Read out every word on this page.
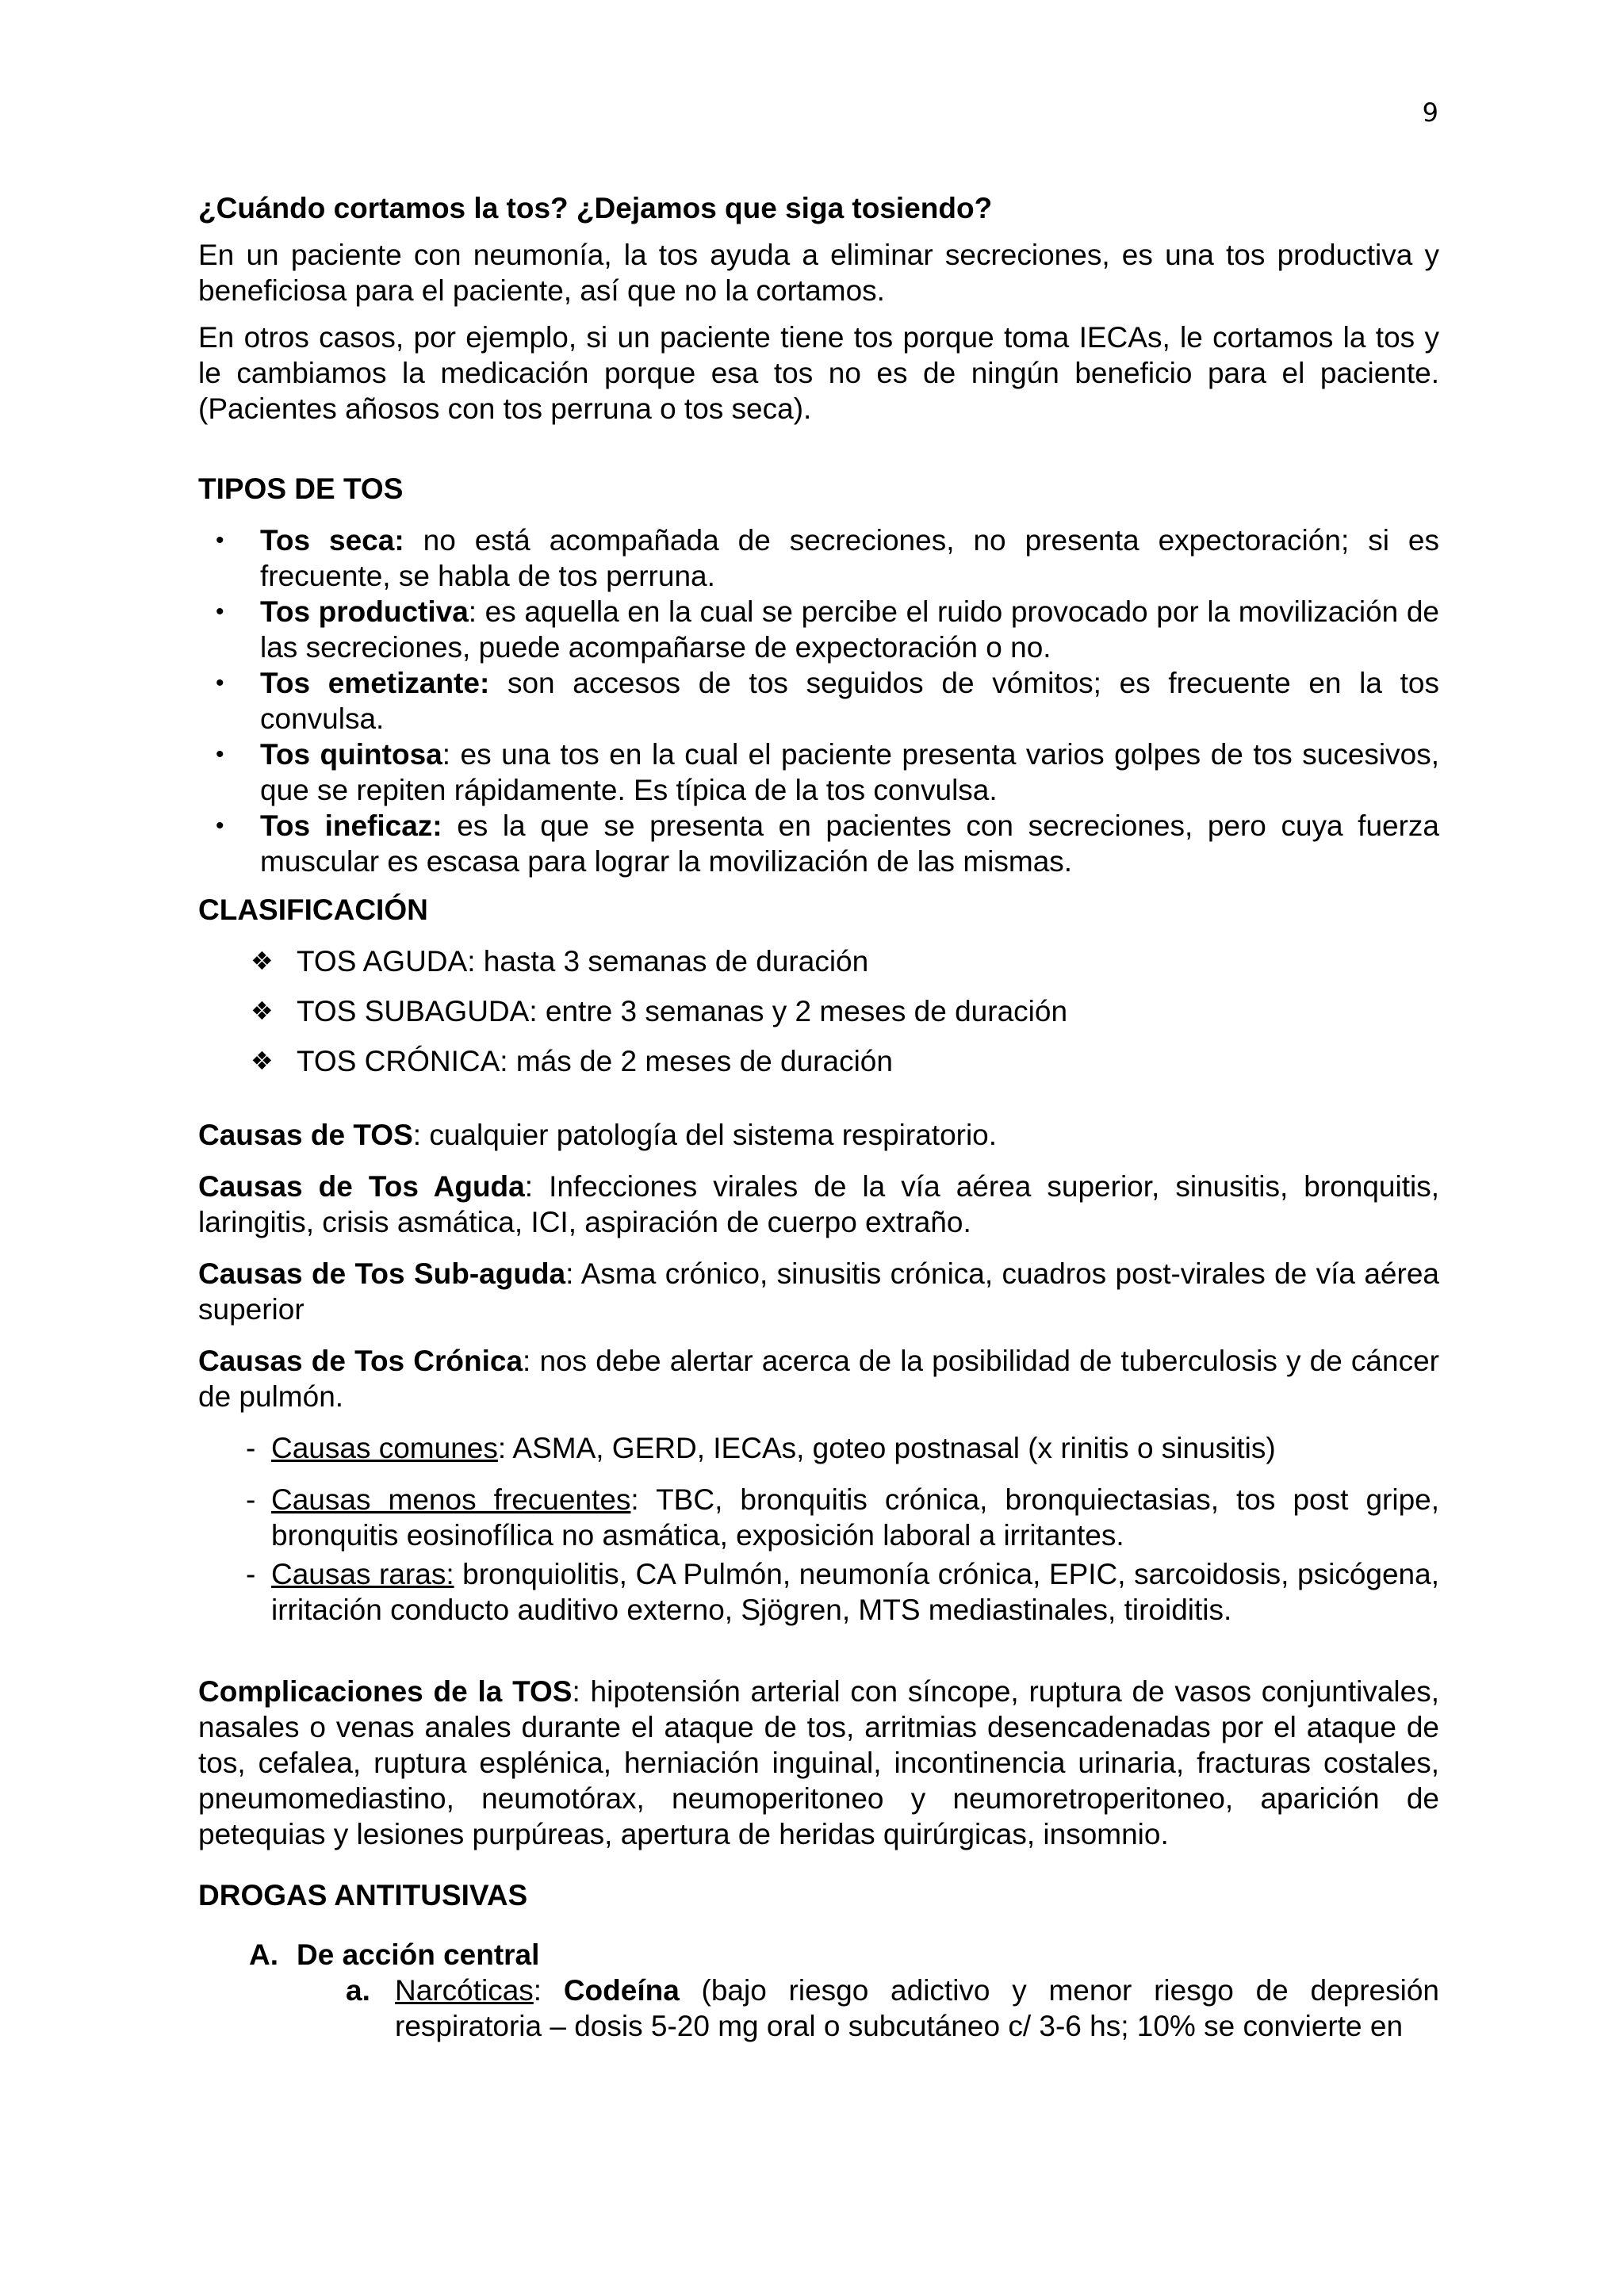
9

¿Cuándo cortamos la tos? ¿Dejamos que siga tosiendo?

En un paciente con neumonía, la tos ayuda a eliminar secreciones, es una tos productiva y beneficiosa para el paciente, así que no la cortamos.

En otros casos, por ejemplo, si un paciente tiene tos porque toma IECAs, le cortamos la tos y le cambiamos la medicación porque esa tos no es de ningún beneficio para el paciente. (Pacientes añosos con tos perruna o tos seca).

TIPOS DE TOS

• Tos seca: no está acompañada de secreciones, no presenta expectoración; si es frecuente, se habla de tos perruna.
• Tos productiva: es aquella en la cual se percibe el ruido provocado por la movilización de las secreciones, puede acompañarse de expectoración o no.
• Tos emetizante: son accesos de tos seguidos de vómitos; es frecuente en la tos convulsa.
• Tos quintosa: es una tos en la cual el paciente presenta varios golpes de tos sucesivos, que se repiten rápidamente. Es típica de la tos convulsa.
• Tos ineficaz: es la que se presenta en pacientes con secreciones, pero cuya fuerza muscular es escasa para lograr la movilización de las mismas.

CLASIFICACIÓN

❖ TOS AGUDA: hasta 3 semanas de duración
❖ TOS SUBAGUDA: entre 3 semanas y 2 meses de duración
❖ TOS CRÓNICA: más de 2 meses de duración

Causas de TOS: cualquier patología del sistema respiratorio.

Causas de Tos Aguda: Infecciones virales de la vía aérea superior, sinusitis, bronquitis, laringitis, crisis asmática, ICI, aspiración de cuerpo extraño.

Causas de Tos Sub-aguda: Asma crónico, sinusitis crónica, cuadros post-virales de vía aérea superior

Causas de Tos Crónica: nos debe alertar acerca de la posibilidad de tuberculosis y de cáncer de pulmón.

- Causas comunes: ASMA, GERD, IECAs, goteo postnasal (x rinitis o sinusitis)
- Causas menos frecuentes: TBC, bronquitis crónica, bronquiectasias, tos post gripe, bronquitis eosinofílica no asmática, exposición laboral a irritantes.
- Causas raras: bronquiolitis, CA Pulmón, neumonía crónica, EPIC, sarcoidosis, psicógena, irritación conducto auditivo externo, Sjögren, MTS mediastinales, tiroiditis.

Complicaciones de la TOS: hipotensión arterial con síncope, ruptura de vasos conjuntivales, nasales o venas anales durante el ataque de tos, arritmias desencadenadas por el ataque de tos, cefalea, ruptura esplénica, herniación inguinal, incontinencia urinaria, fracturas costales, pneumomediastino, neumotórax, neumoperitoneo y neumoretroperitoneo, aparición de petequias y lesiones purpúreas, apertura de heridas quirúrgicas, insomnio.

DROGAS ANTITUSIVAS

A. De acción central
a. Narcóticas: Codeína (bajo riesgo adictivo y menor riesgo de depresión respiratoria – dosis 5-20 mg oral o subcutáneo c/ 3-6 hs; 10% se convierte en
